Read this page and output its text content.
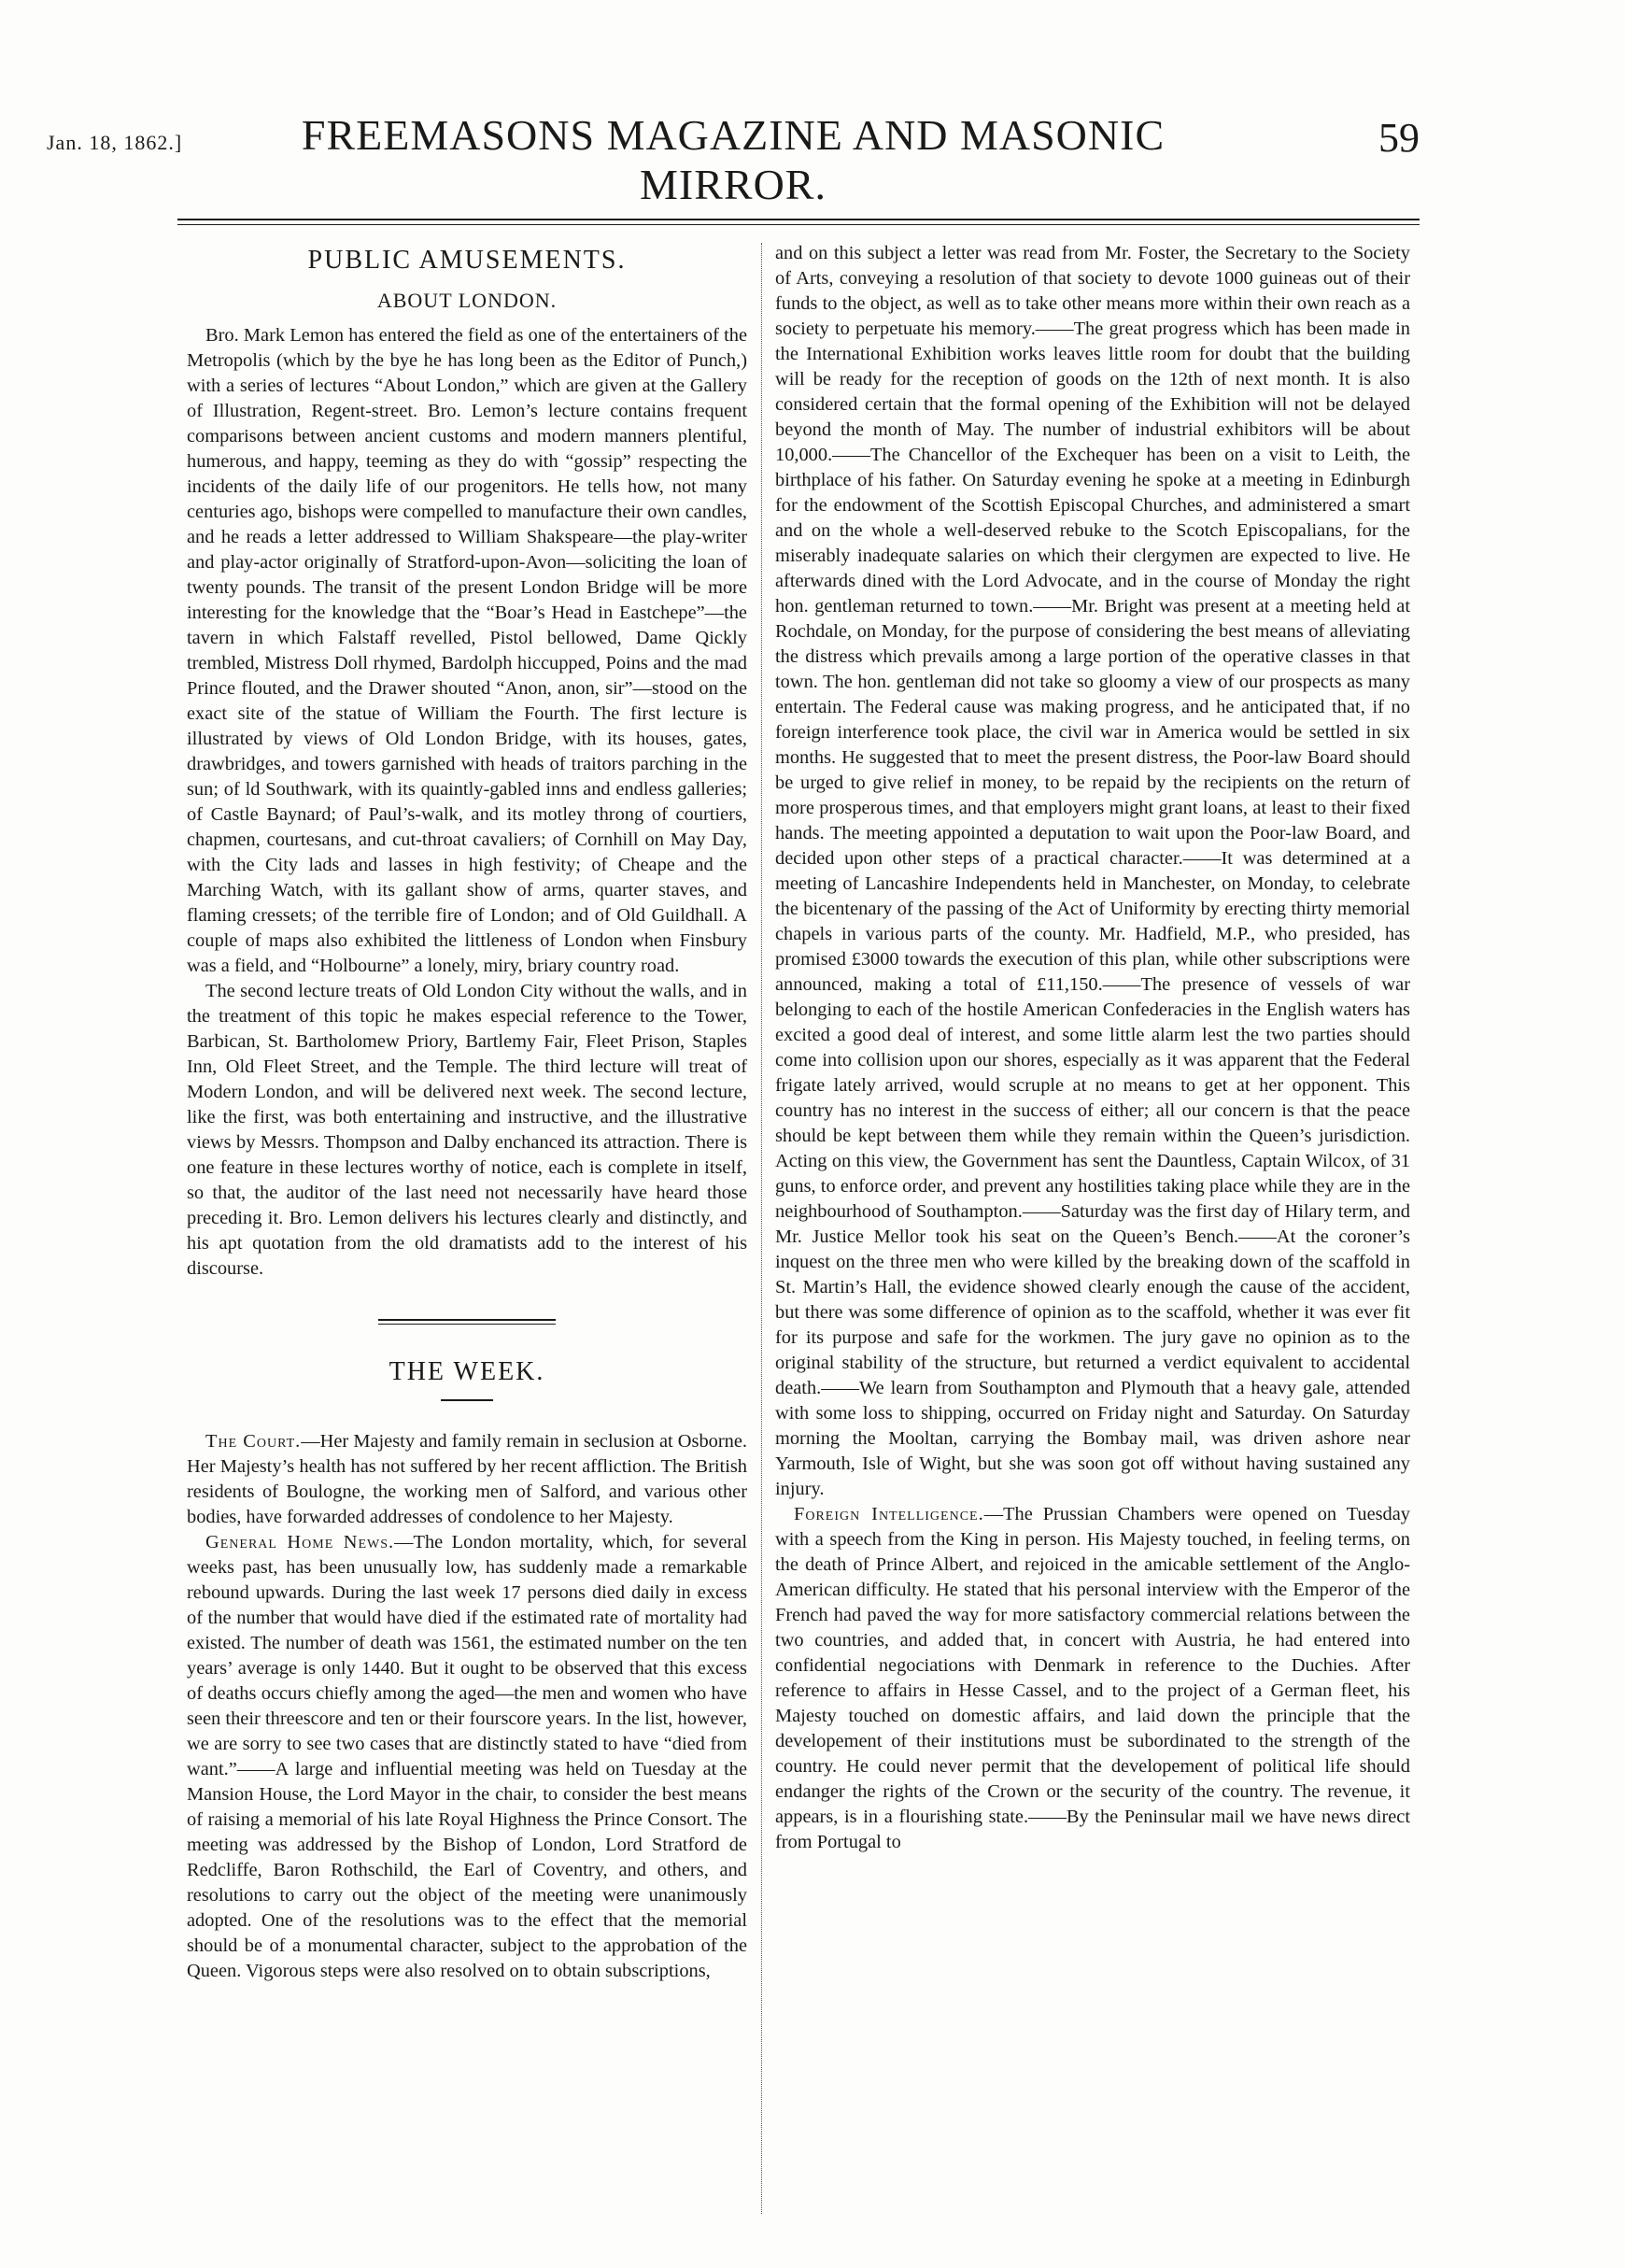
Jan. 18, 1862.]	FREEMASONS MAGAZINE AND MASONIC MIRROR.
59
PUBLIC AMUSEMENTS.
ABOUT LONDON.

Bro. Mark Lemon has entered the field as one of the entertainers of the Metropolis (which by the bye he has long been as the Editor of Punch,) with a series of lectures “About London,” which are given at the Gallery of Illustration, Regent-street. Bro. Lemon’s lecture contains frequent comparisons between ancient customs and modern manners plentiful, humerous, and happy, teeming as they do with “gossip” respecting the incidents of the daily life of our progenitors. He tells how, not many centuries ago, bishops were compelled to manufacture their own candles, and he reads a letter addressed to William Shakspeare—the play-writer and play-actor originally of Stratford-upon-Avon—soliciting the loan of twenty pounds. The transit of the present London Bridge will be more interesting for the knowledge that the “Boar’s Head in Eastchepe”—the tavern in which Falstaff revelled, Pistol bellowed, Dame Qickly trembled, Mistress Doll rhymed, Bardolph hiccupped, Poins and the mad Prince flouted, and the Drawer shouted “Anon, anon, sir”—stood on the exact site of the statue of William the Fourth. The first lecture is illustrated by views of Old London Bridge, with its houses, gates, drawbridges, and towers garnished with heads of traitors parching in the sun; of ld Southwark, with its quaintly-gabled inns and endless galleries; of Castle Baynard; of Paul’s-walk, and its motley throng of courtiers, chapmen, courtesans, and cut-throat cavaliers; of Cornhill on May Day, with the City lads and lasses in high festivity; of Cheape and the Marching Watch, with its gallant show of arms, quarter staves, and flaming cressets; of the terrible fire of London; and of Old Guildhall. A couple of maps also exhibited the littleness of London when Finsbury was a field, and “Holbourne” a lonely, miry, briary country road.

The second lecture treats of Old London City without the walls, and in the treatment of this topic he makes especial reference to the Tower, Barbican, St. Bartholomew Priory, Bartlemy Fair, Fleet Prison, Staples Inn, Old Fleet Street, and the Temple. The third lecture will treat of Modern London, and will be delivered next week. The second lecture, like the first, was both entertaining and instructive, and the illustrative views by Messrs. Thompson and Dalby enchanced its attraction. There is one feature in these lectures worthy of notice, each is complete in itself, so that, the auditor of the last need not necessarily have heard those preceding it. Bro. Lemon delivers his lectures clearly and distinctly, and his apt quotation from the old dramatists add to the interest of his discourse.

THE WEEK.

The Court.—Her Majesty and family remain in seclusion at Osborne. Her Majesty’s health has not suffered by her recent affliction. The British residents of Boulogne, the working men of Salford, and various other bodies, have forwarded addresses of condolence to her Majesty.

General Home News.—The London mortality, which, for several weeks past, has been unusually low, has suddenly made a remarkable rebound upwards. During the last week 17 persons died daily in excess of the number that would have died if the estimated rate of mortality had existed. The number of death was 1561, the estimated number on the ten years’ average is only 1440. But it ought to be observed that this excess of deaths occurs chiefly among the aged—the men and women who have seen their threescore and ten or their fourscore years. In the list, however, we are sorry to see two cases that are distinctly stated to have “died from want.”——A large and influential meeting was held on Tuesday at the Mansion House, the Lord Mayor in the chair, to consider the best means of raising a memorial of his late Royal Highness the Prince Consort. The meeting was addressed by the Bishop of London, Lord Stratford de Redcliffe, Baron Rothschild, the Earl of Coventry, and others, and resolutions to carry out the object of the meeting were unanimously adopted. One of the resolutions was to the effect that the memorial should be of a monumental character, subject to the approbation of the Queen. Vigorous steps were also resolved on to obtain subscriptions,

and on this subject a letter was read from Mr. Foster, the Secretary to the Society of Arts, conveying a resolution of that society to devote 1000 guineas out of their funds to the object, as well as to take other means more within their own reach as a society to perpetuate his memory.——The great progress which has been made in the International Exhibition works leaves little room for doubt that the building will be ready for the reception of goods on the 12th of next month. It is also considered certain that the formal opening of the Exhibition will not be delayed beyond the month of May. The number of industrial exhibitors will be about 10,000.——The Chancellor of the Exchequer has been on a visit to Leith, the birthplace of his father. On Saturday evening he spoke at a meeting in Edinburgh for the endowment of the Scottish Episcopal Churches, and administered a smart and on the whole a well-deserved rebuke to the Scotch Episcopalians, for the miserably inadequate salaries on which their clergymen are expected to live. He afterwards dined with the Lord Advocate, and in the course of Monday the right hon. gentleman returned to town.——Mr. Bright was present at a meeting held at Rochdale, on Monday, for the purpose of considering the best means of alleviating the distress which prevails among a large portion of the operative classes in that town. The hon. gentleman did not take so gloomy a view of our prospects as many entertain. The Federal cause was making progress, and he anticipated that, if no foreign interference took place, the civil war in America would be settled in six months. He suggested that to meet the present distress, the Poor-law Board should be urged to give relief in money, to be repaid by the recipients on the return of more prosperous times, and that employers might grant loans, at least to their fixed hands. The meeting appointed a deputation to wait upon the Poor-law Board, and decided upon other steps of a practical character.——It was determined at a meeting of Lancashire Independents held in Manchester, on Monday, to celebrate the bicentenary of the passing of the Act of Uniformity by erecting thirty memorial chapels in various parts of the county. Mr. Hadfield, M.P., who presided, has promised £3000 towards the execution of this plan, while other subscriptions were announced, making a total of £11,150.——The presence of vessels of war belonging to each of the hostile American Confederacies in the English waters has excited a good deal of interest, and some little alarm lest the two parties should come into collision upon our shores, especially as it was apparent that the Federal frigate lately arrived, would scruple at no means to get at her opponent. This country has no interest in the success of either; all our concern is that the peace should be kept between them while they remain within the Queen’s jurisdiction. Acting on this view, the Government has sent the Dauntless, Captain Wilcox, of 31 guns, to enforce order, and prevent any hostilities taking place while they are in the neighbourhood of Southampton.——Saturday was the first day of Hilary term, and Mr. Justice Mellor took his seat on the Queen’s Bench.——At the coroner’s inquest on the three men who were killed by the breaking down of the scaffold in St. Martin’s Hall, the evidence showed clearly enough the cause of the accident, but there was some difference of opinion as to the scaffold, whether it was ever fit for its purpose and safe for the workmen. The jury gave no opinion as to the original stability of the structure, but returned a verdict equivalent to accidental death.——We learn from Southampton and Plymouth that a heavy gale, attended with some loss to shipping, occurred on Friday night and Saturday. On Saturday morning the Mooltan, carrying the Bombay mail, was driven ashore near Yarmouth, Isle of Wight, but she was soon got off without having sustained any injury.

Foreign Intelligence.—The Prussian Chambers were opened on Tuesday with a speech from the King in person. His Majesty touched, in feeling terms, on the death of Prince Albert, and rejoiced in the amicable settlement of the Anglo-American difficulty. He stated that his personal interview with the Emperor of the French had paved the way for more satisfactory commercial relations between the two countries, and added that, in concert with Austria, he had entered into confidential negociations with Denmark in reference to the Duchies. After reference to affairs in Hesse Cassel, and to the project of a German fleet, his Majesty touched on domestic affairs, and laid down the principle that the developement of their institutions must be subordinated to the strength of the country. He could never permit that the developement of political life should endanger the rights of the Crown or the security of the country. The revenue, it appears, is in a flourishing state.——By the Peninsular mail we have news direct from Portugal to
